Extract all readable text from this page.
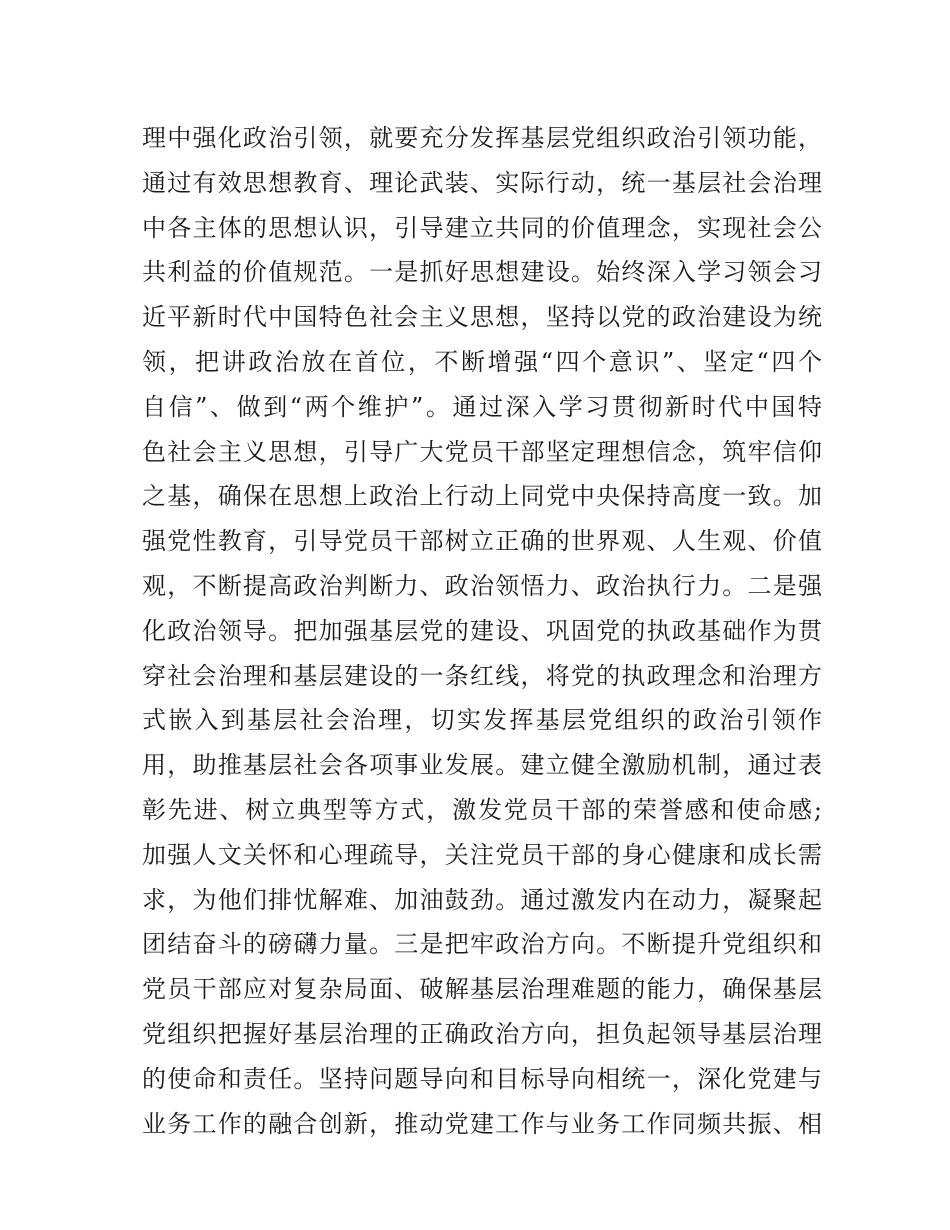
理中强化政治引领，就要充分发挥基层党组织政治引领功能，
通过有效思想教育、理论武装、实际行动，统一基层社会治理
中各主体的思想认识，引导建立共同的价值理念，实现社会公
共利益的价值规范。一是抓好思想建设。始终深入学习领会习
近平新时代中国特色社会主义思想，坚持以党的政治建设为统
领，把讲政治放在首位，不断增强“四个意识”、坚定“四个
自信”、做到“两个维护”。通过深入学习贯彻新时代中国特
色社会主义思想，引导广大党员干部坚定理想信念，筑牢信仰
之基，确保在思想上政治上行动上同党中央保持高度一致。加
强党性教育，引导党员干部树立正确的世界观、人生观、价值
观，不断提高政治判断力、政治领悟力、政治执行力。二是强
化政治领导。把加强基层党的建设、巩固党的执政基础作为贯
穿社会治理和基层建设的一条红线，将党的执政理念和治理方
式嵌入到基层社会治理，切实发挥基层党组织的政治引领作
用，助推基层社会各项事业发展。建立健全激励机制，通过表
彰先进、树立典型等方式，激发党员干部的荣誉感和使命感;
加强人文关怀和心理疏导，关注党员干部的身心健康和成长需
求，为他们排忧解难、加油鼓劲。通过激发内在动力，凝聚起
团结奋斗的磅礴力量。三是把牢政治方向。不断提升党组织和
党员干部应对复杂局面、破解基层治理难题的能力，确保基层
党组织把握好基层治理的正确政治方向，担负起领导基层治理
的使命和责任。坚持问题导向和目标导向相统一，深化党建与
业务工作的融合创新，推动党建工作与业务工作同频共振、相
